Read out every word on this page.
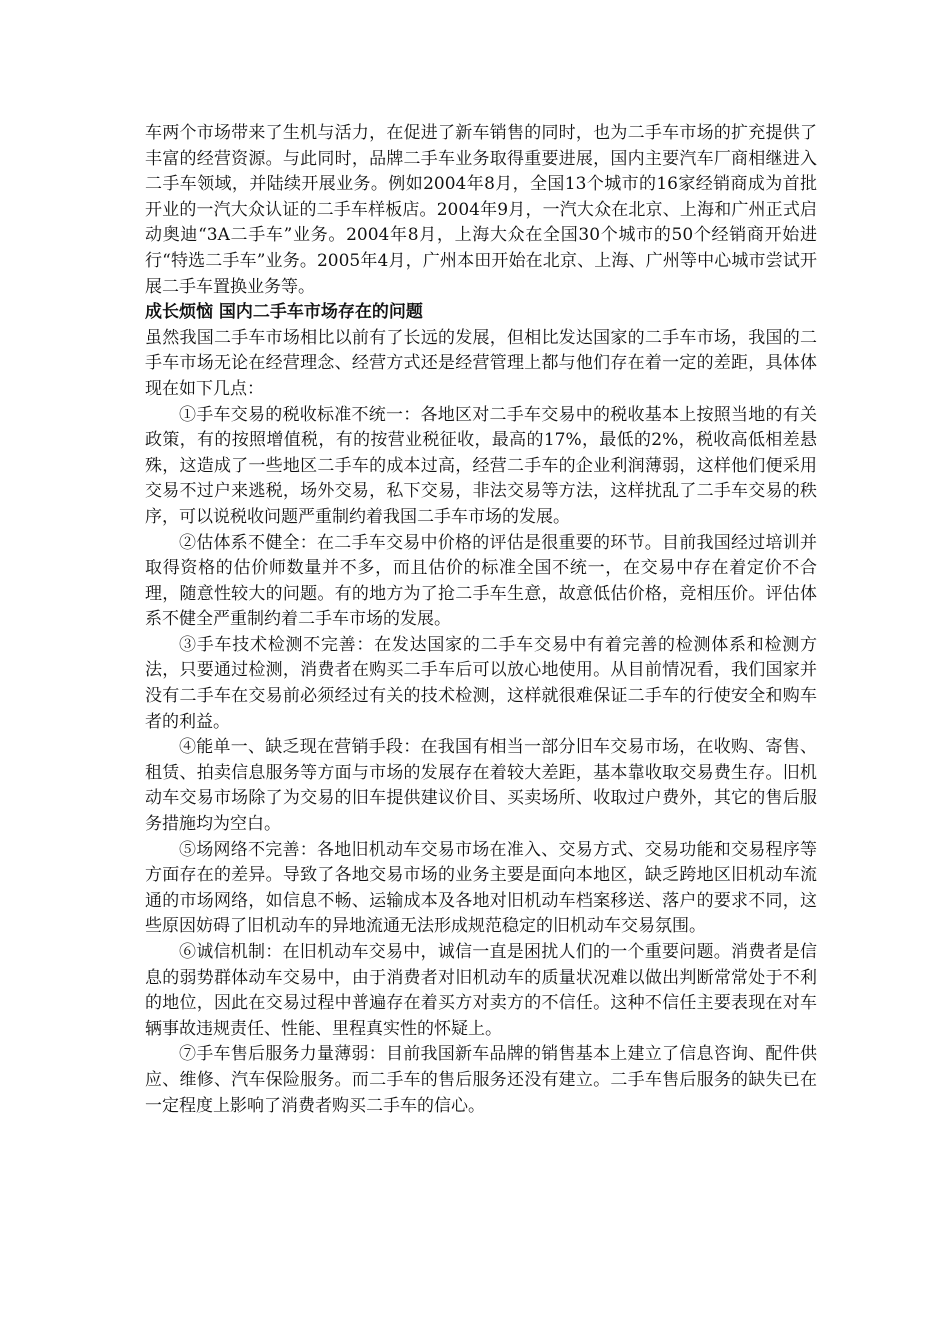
车两个市场带来了生机与活力，在促进了新车销售的同时，也为二手车市场的扩充提供了丰富的经营资源。与此同时，品牌二手车业务取得重要进展，国内主要汽车厂商相继进入二手车领域，并陆续开展业务。例如2004年8月，全国13个城市的16家经销商成为首批开业的一汽大众认证的二手车样板店。2004年9月，一汽大众在北京、上海和广州正式启动奥迪“3A二手车”业务。2004年8月，上海大众在全国30个城市的50个经销商开始进行“特选二手车”业务。2005年4月，广州本田开始在北京、上海、广州等中心城市尝试开展二手车置换业务等。

成长烦恼 国内二手车市场存在的问题

虽然我国二手车市场相比以前有了长远的发展，但相比发达国家的二手车市场，我国的二手车市场无论在经营理念、经营方式还是经营管理上都与他们存在着一定的差距，具体体现在如下几点：

①手车交易的税收标准不统一：各地区对二手车交易中的税收基本上按照当地的有关政策，有的按照增值税，有的按营业税征收，最高的17%，最低的2%，税收高低相差悬殊，这造成了一些地区二手车的成本过高，经营二手车的企业利润薄弱，这样他们便采用交易不过户来逃税，场外交易，私下交易，非法交易等方法，这样扰乱了二手车交易的秩序，可以说税收问题严重制约着我国二手车市场的发展。

②估体系不健全：在二手车交易中价格的评估是很重要的环节。目前我国经过培训并取得资格的估价师数量并不多，而且估价的标准全国不统一，在交易中存在着定价不合理，随意性较大的问题。有的地方为了抢二手车生意，故意低估价格，竞相压价。评估体系不健全严重制约着二手车市场的发展。

③手车技术检测不完善：在发达国家的二手车交易中有着完善的检测体系和检测方法，只要通过检测，消费者在购买二手车后可以放心地使用。从目前情况看，我们国家并没有二手车在交易前必须经过有关的技术检测，这样就很难保证二手车的行使安全和购车者的利益。

④能单一、缺乏现在营销手段：在我国有相当一部分旧车交易市场，在收购、寄售、租赁、拍卖信息服务等方面与市场的发展存在着较大差距，基本靠收取交易费生存。旧机动车交易市场除了为交易的旧车提供建议价目、买卖场所、收取过户费外，其它的售后服务措施均为空白。

⑤场网络不完善：各地旧机动车交易市场在准入、交易方式、交易功能和交易程序等方面存在的差异。导致了各地交易市场的业务主要是面向本地区，缺乏跨地区旧机动车流通的市场网络，如信息不畅、运输成本及各地对旧机动车档案移送、落户的要求不同，这些原因妨碍了旧机动车的异地流通无法形成规范稳定的旧机动车交易氛围。

⑥诚信机制：在旧机动车交易中，诚信一直是困扰人们的一个重要问题。消费者是信息的弱势群体动车交易中，由于消费者对旧机动车的质量状况难以做出判断常常处于不利的地位，因此在交易过程中普遍存在着买方对卖方的不信任。这种不信任主要表现在对车辆事故违规责任、性能、里程真实性的怀疑上。

⑦手车售后服务力量薄弱：目前我国新车品牌的销售基本上建立了信息咨询、配件供应、维修、汽车保险服务。而二手车的售后服务还没有建立。二手车售后服务的缺失已在一定程度上影响了消费者购买二手车的信心。
